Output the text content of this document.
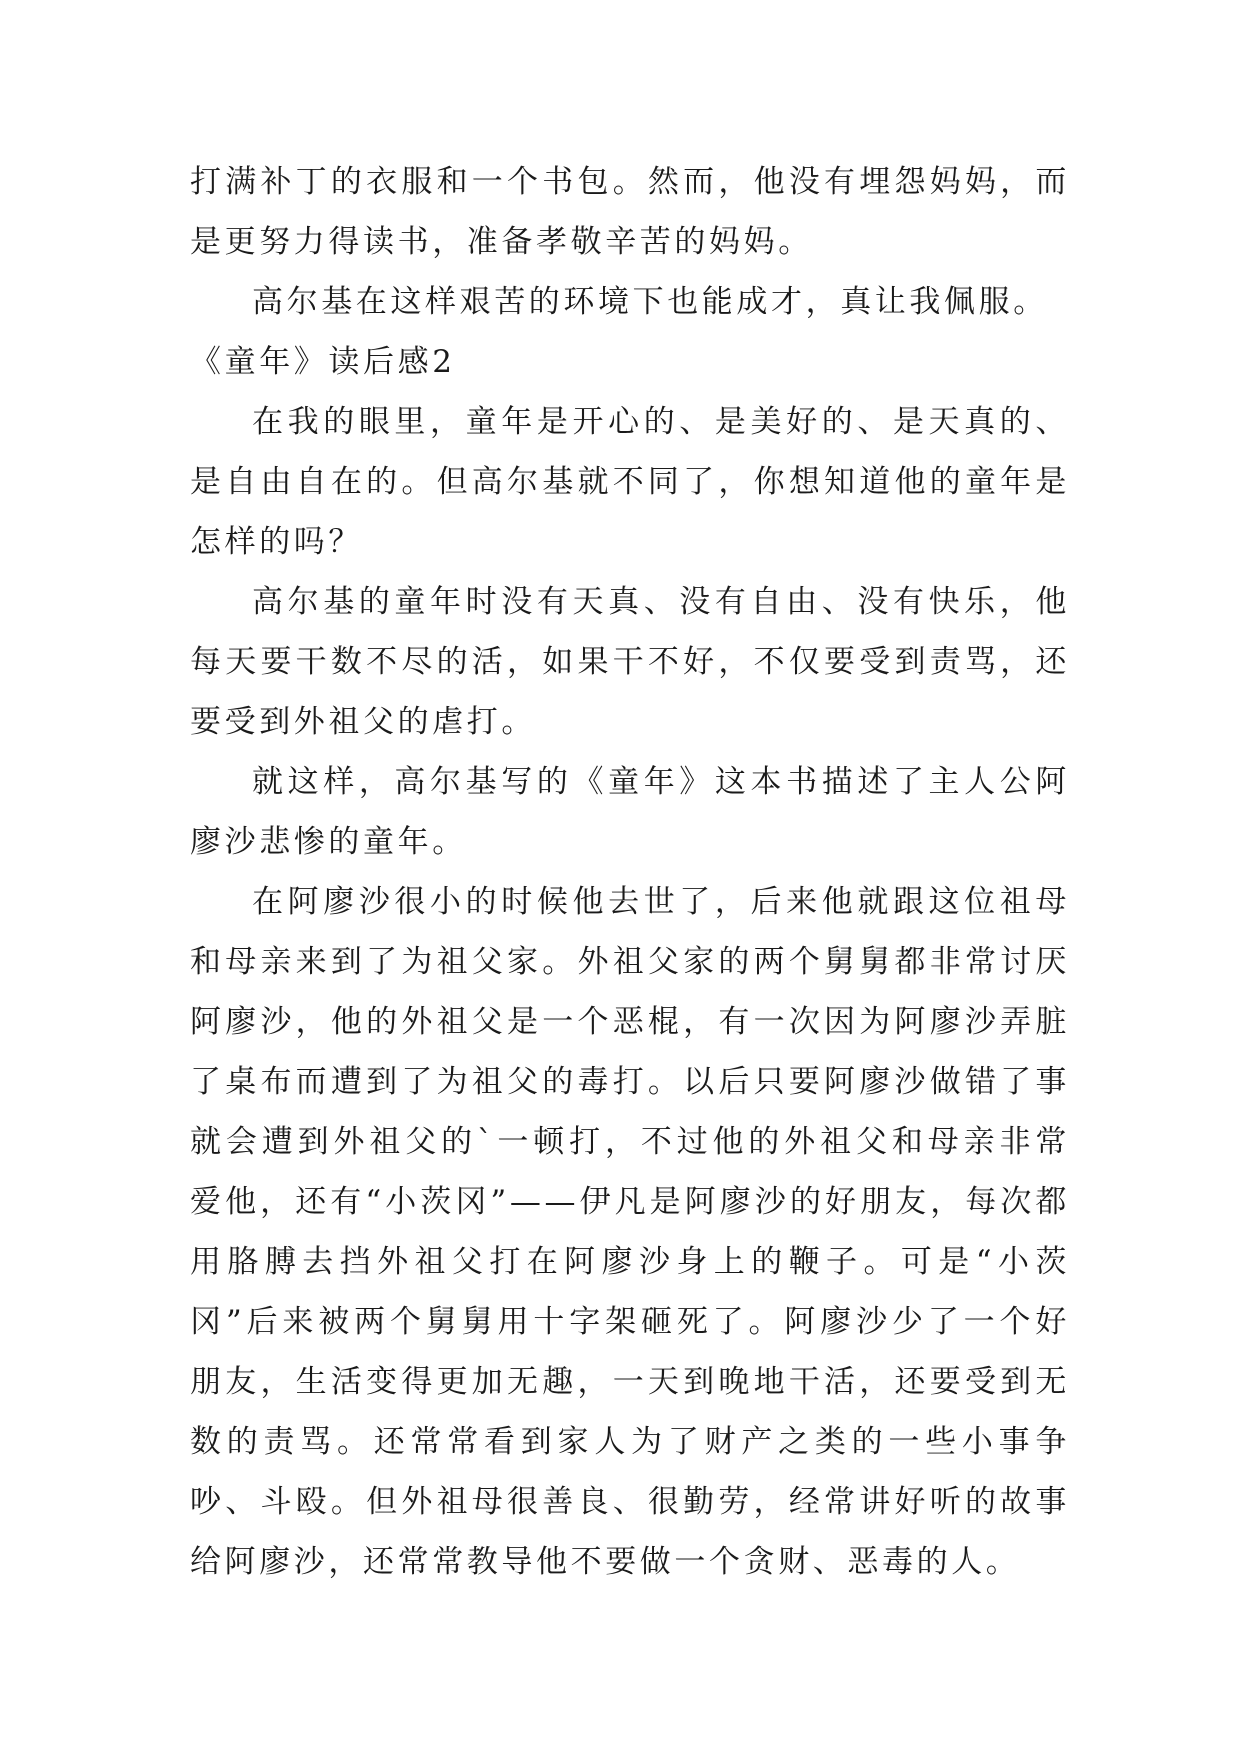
打满补丁的衣服和一个书包。然而，他没有埋怨妈妈，而是更努力得读书，准备孝敬辛苦的妈妈。

高尔基在这样艰苦的环境下也能成才，真让我佩服。

《童年》读后感2

在我的眼里，童年是开心的、是美好的、是天真的、是自由自在的。但高尔基就不同了，你想知道他的童年是怎样的吗？

高尔基的童年时没有天真、没有自由、没有快乐，他每天要干数不尽的活，如果干不好，不仅要受到责骂，还要受到外祖父的虐打。

就这样，高尔基写的《童年》这本书描述了主人公阿廖沙悲惨的童年。

在阿廖沙很小的时候他去世了，后来他就跟这位祖母和母亲来到了为祖父家。外祖父家的两个舅舅都非常讨厌阿廖沙，他的外祖父是一个恶棍，有一次因为阿廖沙弄脏了桌布而遭到了为祖父的毒打。以后只要阿廖沙做错了事就会遭到外祖父的`一顿打，不过他的外祖父和母亲非常爱他，还有“小茨冈”——伊凡是阿廖沙的好朋友，每次都用胳膊去挡外祖父打在阿廖沙身上的鞭子。可是“小茨冈”后来被两个舅舅用十字架砸死了。阿廖沙少了一个好朋友，生活变得更加无趣，一天到晚地干活，还要受到无数的责骂。还常常看到家人为了财产之类的一些小事争吵、斗殴。但外祖母很善良、很勤劳，经常讲好听的故事给阿廖沙，还常常教导他不要做一个贪财、恶毒的人。
